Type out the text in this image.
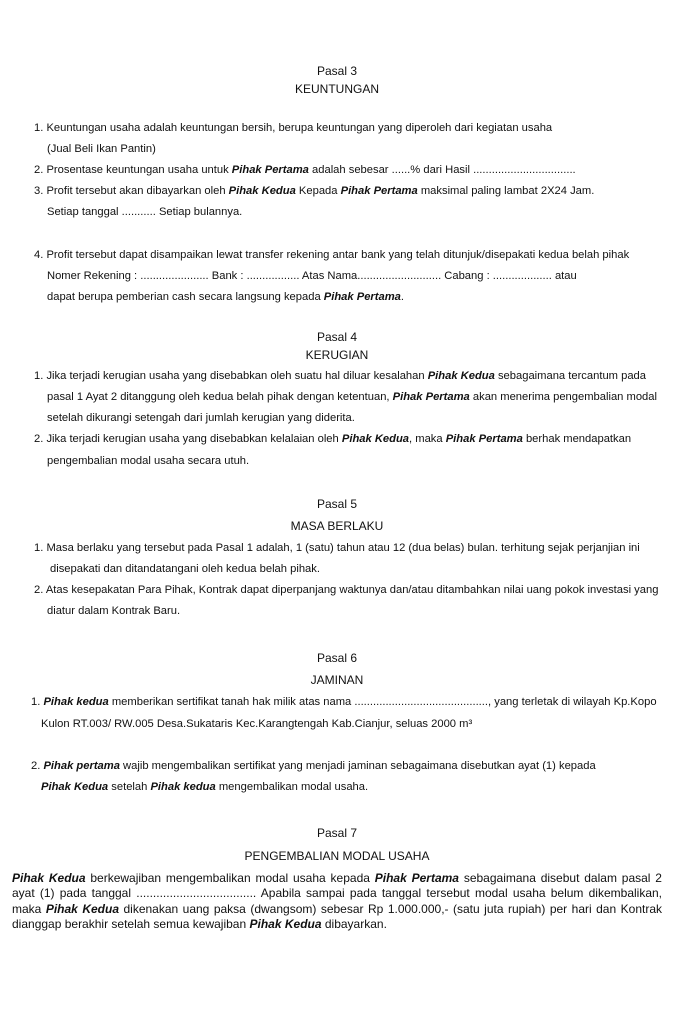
Pasal 3
KEUNTUNGAN
1. Keuntungan usaha adalah keuntungan bersih, berupa keuntungan yang diperoleh dari kegiatan usaha
(Jual Beli Ikan Pantin)
2. Prosentase keuntungan usaha untuk Pihak Pertama adalah sebesar ......% dari Hasil .................................
3. Profit tersebut akan dibayarkan oleh Pihak Kedua Kepada Pihak Pertama maksimal paling lambat 2X24 Jam.
Setiap tanggal ........... Setiap bulannya.
4. Profit tersebut dapat disampaikan lewat transfer rekening antar bank yang telah ditunjuk/disepakati kedua belah pihak
Nomer Rekening : ...................... Bank : ................. Atas Nama........................... Cabang : ................... atau
dapat berupa pemberian cash secara langsung kepada Pihak Pertama.
Pasal 4
KERUGIAN
1. Jika terjadi kerugian usaha yang disebabkan oleh suatu hal diluar kesalahan Pihak Kedua sebagaimana tercantum pada
pasal 1 Ayat 2 ditanggung oleh kedua belah pihak dengan ketentuan, Pihak Pertama akan menerima pengembalian modal
setelah dikurangi setengah dari jumlah kerugian yang diderita.
2. Jika terjadi kerugian usaha yang disebabkan kelalaian oleh Pihak Kedua, maka Pihak Pertama berhak mendapatkan
pengembalian modal usaha secara utuh.
Pasal 5
MASA BERLAKU
1. Masa berlaku yang tersebut pada Pasal 1 adalah, 1 (satu) tahun atau 12 (dua belas) bulan. terhitung sejak perjanjian ini
disepakati dan ditandatangani oleh kedua belah pihak.
2. Atas kesepakatan Para Pihak, Kontrak dapat diperpanjang waktunya dan/atau ditambahkan nilai uang pokok investasi yang
diatur dalam Kontrak Baru.
Pasal 6
JAMINAN
1. Pihak kedua memberikan sertifikat tanah hak milik atas nama ..........................................., yang terletak di wilayah Kp.Kopo
Kulon RT.003/ RW.005 Desa.Sukataris Kec.Karangtengah Kab.Cianjur, seluas 2000 m³
2. Pihak pertama wajib mengembalikan sertifikat yang menjadi jaminan sebagaimana disebutkan ayat (1) kepada
Pihak Kedua setelah Pihak kedua mengembalikan modal usaha.
Pasal 7
PENGEMBALIAN MODAL USAHA
Pihak Kedua berkewajiban mengembalikan modal usaha kepada Pihak Pertama sebagaimana disebut dalam pasal 2 ayat (1) pada tanggal .................................... Apabila sampai pada tanggal tersebut modal usaha belum dikembalikan, maka Pihak Kedua dikenakan uang paksa (dwangsom) sebesar Rp 1.000.000,- (satu juta rupiah) per hari dan Kontrak dianggap berakhir setelah semua kewajiban Pihak Kedua dibayarkan.
